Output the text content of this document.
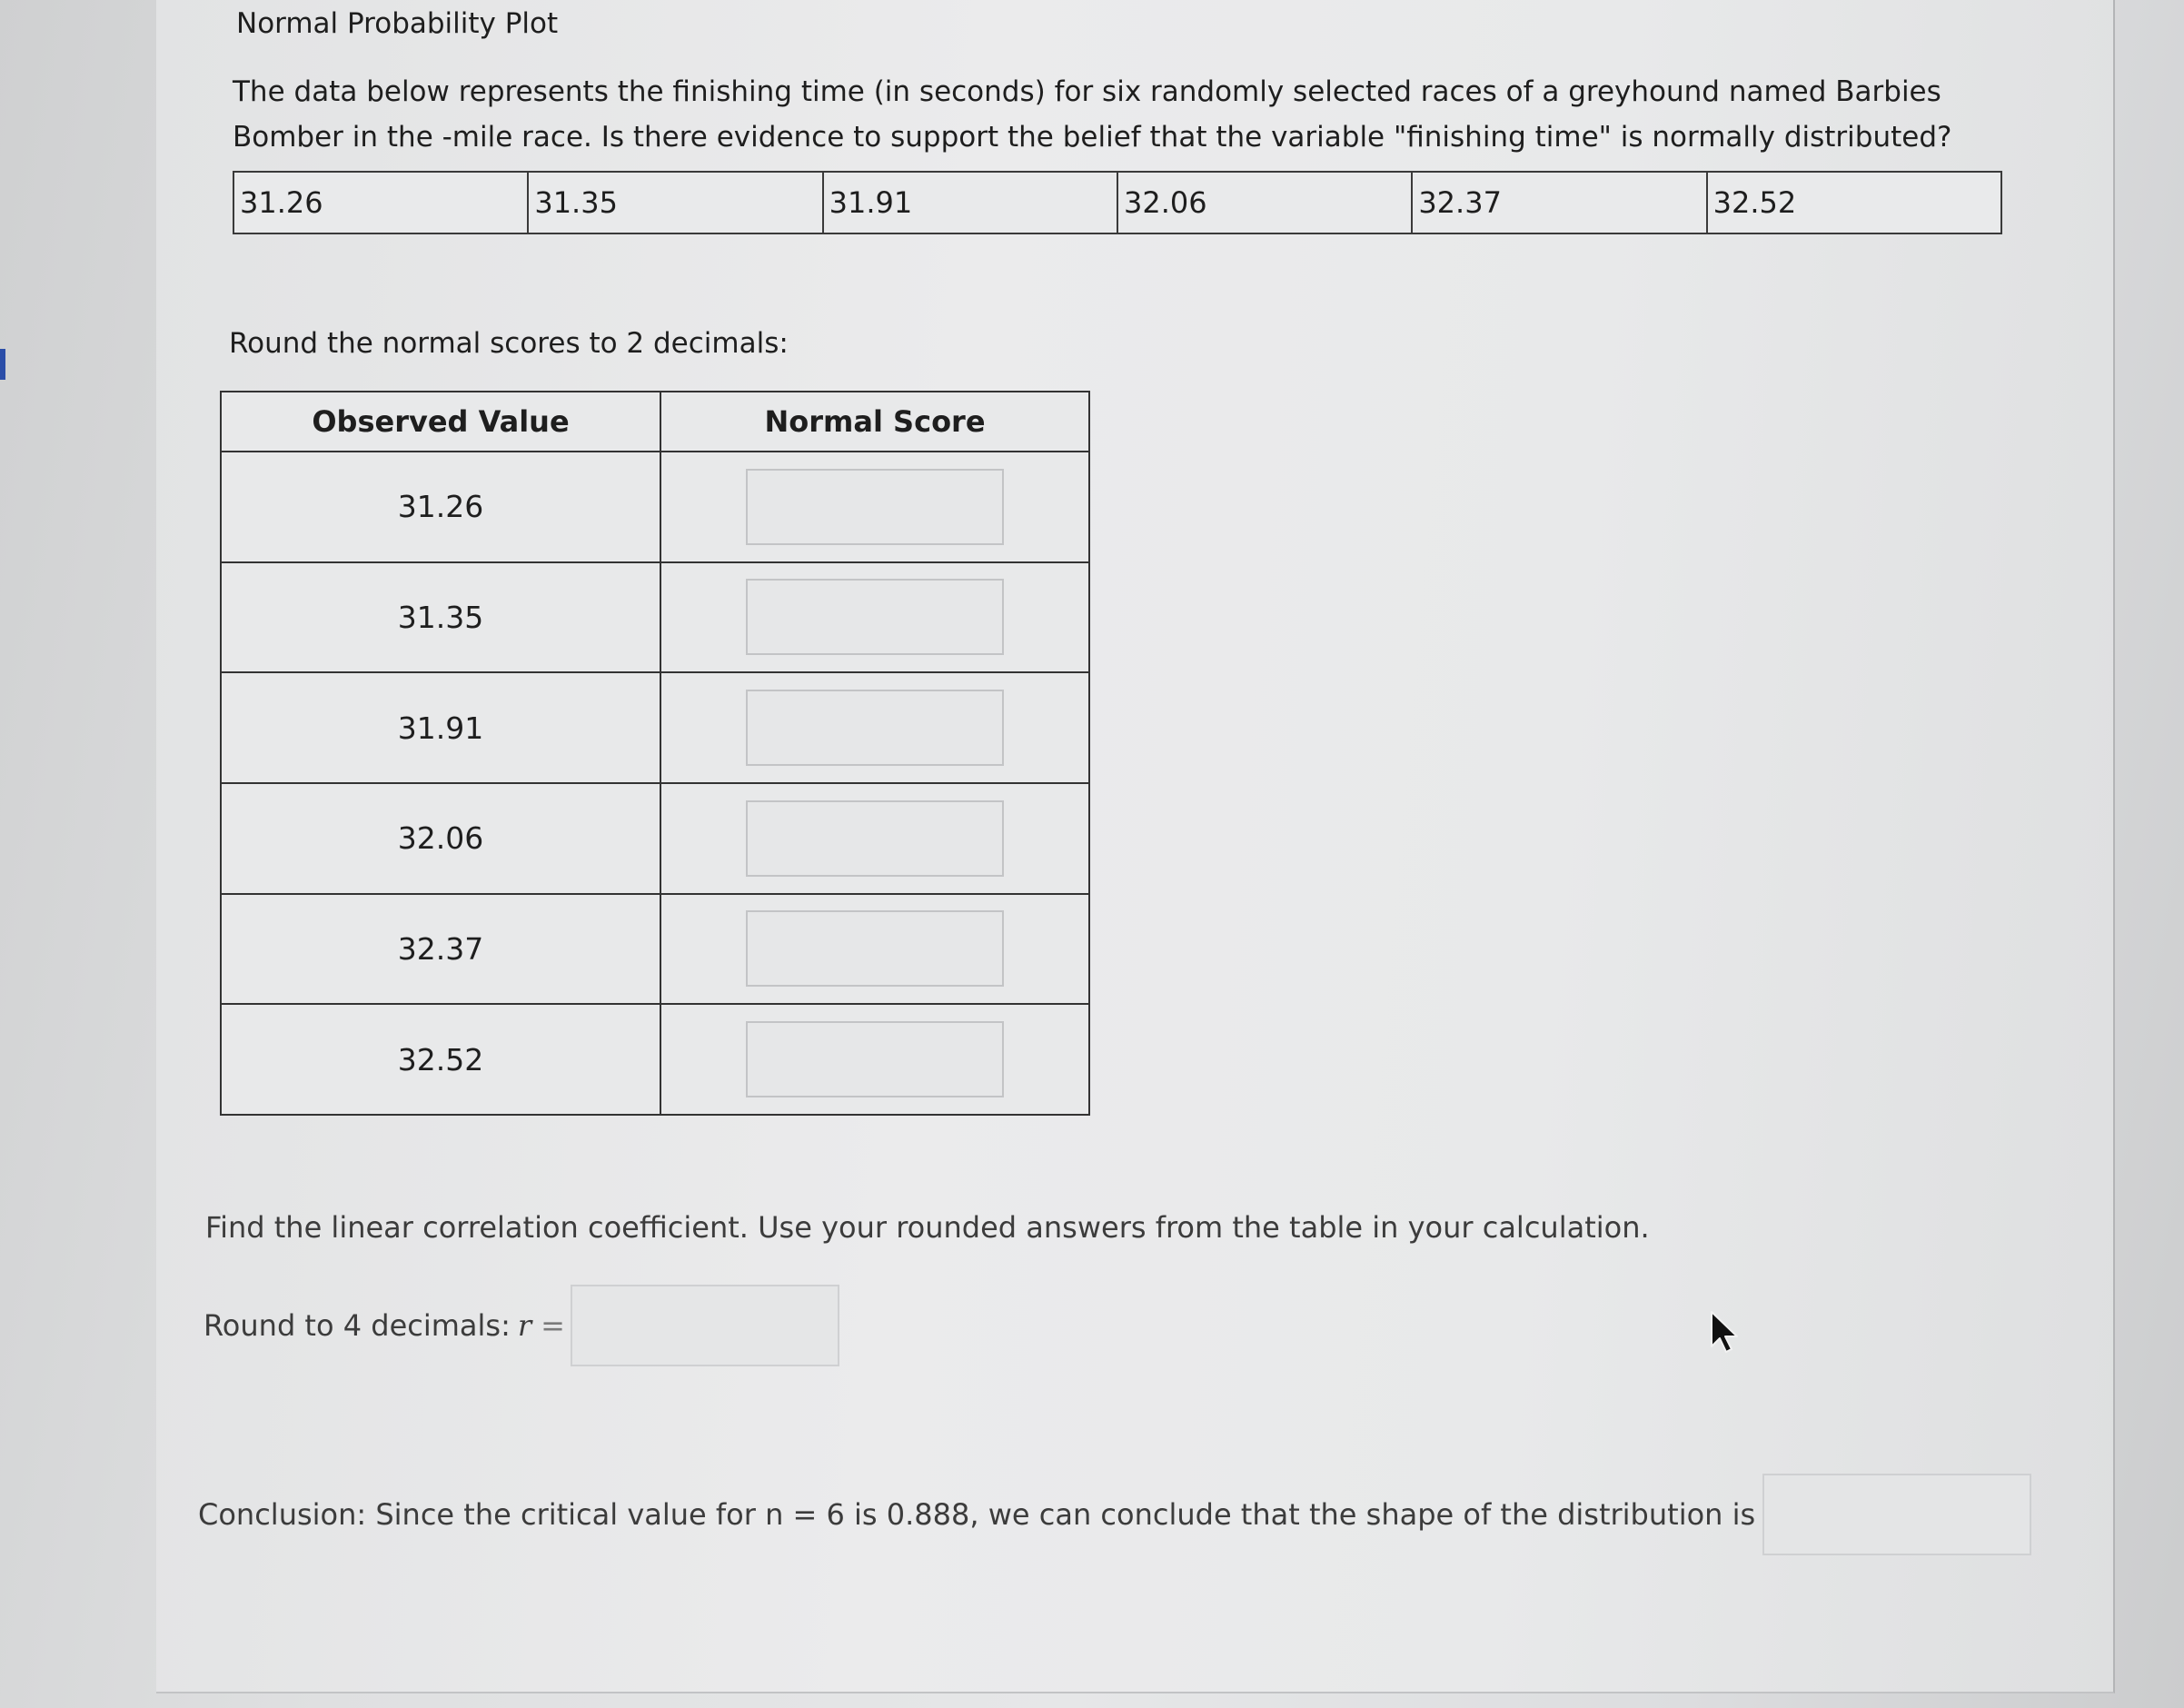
Normal Probability Plot
The data below represents the finishing time (in seconds) for six randomly selected races of a greyhound named Barbies Bomber in the -mile race. Is there evidence to support the belief that the variable "finishing time" is normally distributed?
31.26	31.35	31.91	32.06	32.37	32.52
Round the normal scores to 2 decimals:
Observed Value	Normal Score
31.26	

31.35	

31.91	

32.06	

32.37	

32.52	
Find the linear correlation coefficient. Use your rounded answers from the table in your calculation.
Round to 4 decimals: r =
Conclusion: Since the critical value for n = 6 is 0.888, we can conclude that the shape of the distribution is
